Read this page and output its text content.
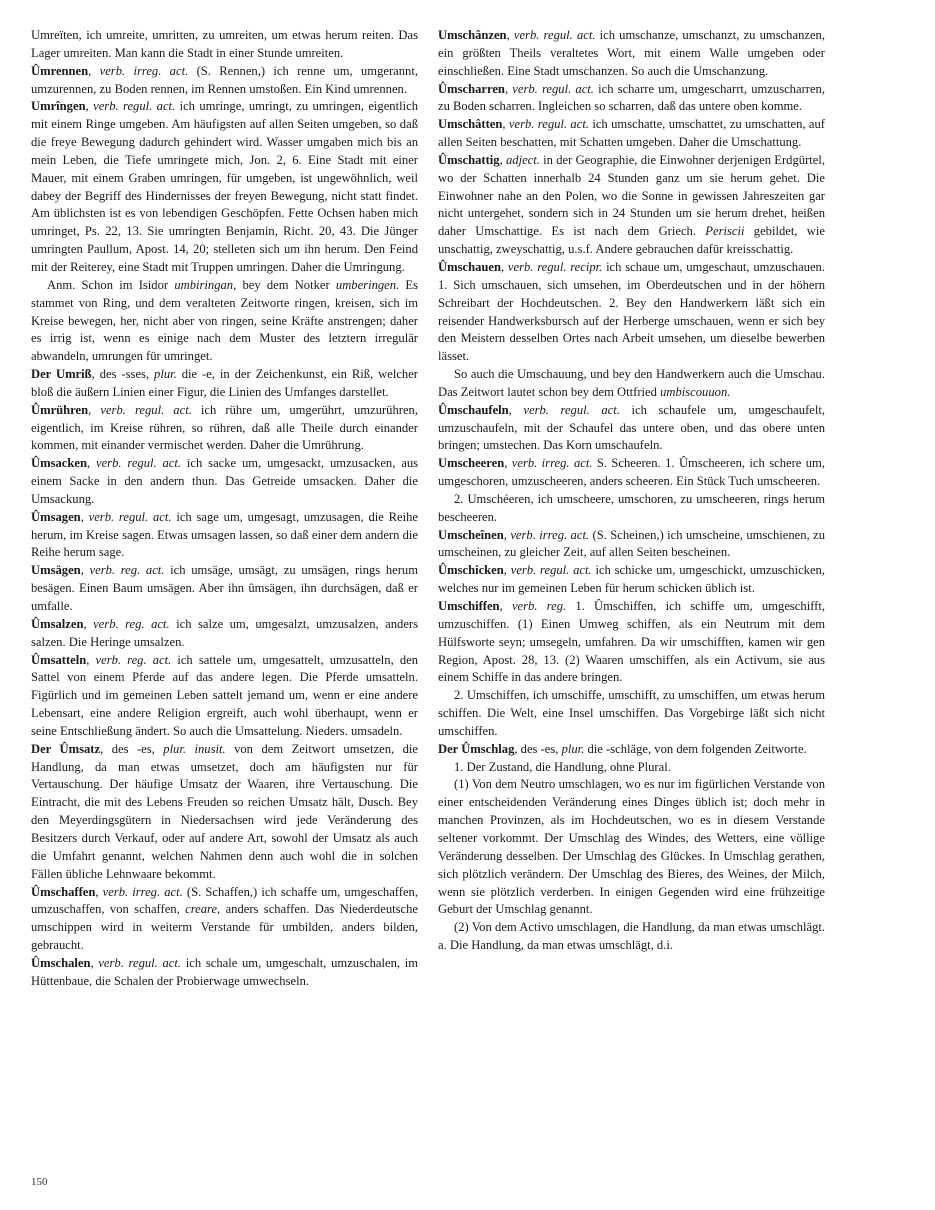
Umreïten, ich umreite, umritten, zu umreiten, um etwas herum reiten. Das Lager umreiten. Man kann die Stadt in einer Stunde umreiten.

Ûmrennen, verb. irreg. act. (S. Rennen,) ich renne um, umgerannt, umzurennen, zu Boden rennen, im Rennen umstoßen. Ein Kind umrennen.

Umrîngen, verb. regul. act. ich umringe, umringt, zu umringen, eigentlich mit einem Ringe umgeben. Am häufigsten auf allen Seiten umgeben, so daß die freye Bewegung dadurch gehindert wird. Wasser umgaben mich bis an mein Leben, die Tiefe umringete mich, Jon. 2, 6. Eine Stadt mit einer Mauer, mit einem Graben umringen, für umgeben, ist ungewöhnlich, weil dabey der Begriff des Hindernisses der freyen Bewegung, nicht statt findet. Am üblichsten ist es von lebendigen Geschöpfen. Fette Ochsen haben mich umringet, Ps. 22, 13. Sie umringten Benjamin, Richt. 20, 43. Die Jünger umringten Paullum, Apost. 14, 20; stelleten sich um ihn herum. Den Feind mit der Reiterey, eine Stadt mit Truppen umringen. Daher die Umringung.

Anm. Schon im Isidor umbiringan, bey dem Notker umberingen. Es stammet von Ring, und dem veralteten Zeitworte ringen, kreisen, sich im Kreise bewegen, her, nicht aber von ringen, seine Kräfte anstrengen; daher es irrig ist, wenn es einige nach dem Muster des letztern irregulär abwandeln, umrungen für umringet.

Der Umriß, des -sses, plur. die -e, in der Zeichenkunst, ein Riß, welcher bloß die äußern Linien einer Figur, die Linien des Umfanges darstellet.

Ûmrühren, verb. regul. act. ich rühre um, umgerührt, umzurühren, eigentlich, im Kreise rühren, so rühren, daß alle Theile durch einander kommen, mit einander vermischet werden. Daher die Umrührung.

Ûmsacken, verb. regul. act. ich sacke um, umgesackt, umzusacken, aus einem Sacke in den andern thun. Das Getreide umsacken. Daher die Umsackung.

Ûmsagen, verb. regul. act. ich sage um, umgesagt, umzusagen, die Reihe herum, im Kreise sagen. Etwas umsagen lassen, so daß einer dem andern die Reihe herum sage.

Umsägen, verb. reg. act. ich umsäge, umsägt, zu umsägen, rings herum besägen. Einen Baum umsägen. Aber ihn ûmsägen, ihn durchsägen, daß er umfalle.

Ûmsalzen, verb. reg. act. ich salze um, umgesalzt, umzusalzen, anders salzen. Die Heringe umsalzen.

Ûmsatteln, verb. reg. act. ich sattele um, umgesattelt, umzusatteln, den Sattel von einem Pferde auf das andere legen. Die Pferde umsatteln. Figürlich und im gemeinen Leben sattelt jemand um, wenn er eine andere Lebensart, eine andere Religion ergreift, auch wohl überhaupt, wenn er seine Entschließung ändert. So auch die Umsattelung. Nieders. umsadeln.

Der Ûmsatz, des -es, plur. inusit. von dem Zeitwort umsetzen, die Handlung, da man etwas umsetzet, doch am häufigsten nur für Vertauschung. Der häufige Umsatz der Waaren, ihre Vertauschung. Die Eintracht, die mit des Lebens Freuden so reichen Umsatz hält, Dusch. Bey den Meyerdingsgütern in Niedersachsen wird jede Veränderung des Besitzers durch Verkauf, oder auf andere Art, sowohl der Umsatz als auch die Umfahrt genannt, welchen Nahmen denn auch wohl die in solchen Fällen übliche Lehnwaare bekommt.

Ûmschaffen, verb. irreg. act. (S. Schaffen,) ich schaffe um, umgeschaffen, umzuschaffen, von schaffen, creare, anders schaffen. Das Niederdeutsche umschippen wird in weiterm Verstande für umbilden, anders bilden, gebraucht.

Ûmschalen, verb. regul. act. ich schale um, umgeschalt, umzuschalen, im Hüttenbaue, die Schalen der Probierwage umwechseln.

Umschânzen, verb. regul. act. ich umschanze, umschanzt, zu umschanzen, ein größten Theils veraltetes Wort, mit einem Walle umgeben oder einschließen. Eine Stadt umschanzen. So auch die Umschanzung.

Ûmscharren, verb. regul. act. ich scharre um, umgescharrt, umzuscharren, zu Boden scharren. Ingleichen so scharren, daß das untere oben komme.

Umschâtten, verb. regul. act. ich umschatte, umschattet, zu umschatten, auf allen Seiten beschatten, mit Schatten umgeben. Daher die Umschattung.

Ûmschattig, adject. in der Geographie, die Einwohner derjenigen Erdgürtel, wo der Schatten innerhalb 24 Stunden ganz um sie herum gehet. Die Einwohner nahe an den Polen, wo die Sonne in gewissen Jahreszeiten gar nicht untergehet, sondern sich in 24 Stunden um sie herum drehet, heißen daher Umschattige. Es ist nach dem Griech. Periscii gebildet, wie unschattig, zweyschattig, u.s.f. Andere gebrauchen dafür kreisschattig.

Ûmschauen, verb. regul. recipr. ich schaue um, umgeschaut, umzuschauen. 1. Sich umschauen, sich umsehen, im Oberdeutschen und in der höhern Schreibart der Hochdeutschen. 2. Bey den Handwerkern läßt sich ein reisender Handwerksbursch auf der Herberge umschauen, wenn er sich bey den Meistern desselben Ortes nach Arbeit umsehen, um dieselbe bewerben lässet.

So auch die Umschauung, und bey den Handwerkern auch die Umschau. Das Zeitwort lautet schon bey dem Ottfried umbiscouuon.

Ûmschaufeln, verb. regul. act. ich schaufele um, umgeschaufelt, umzuschaufeln, mit der Schaufel das untere oben, und das obere unten bringen; umstechen. Das Korn umschaufeln.

Umscheeren, verb. irreg. act. S. Scheeren. 1. Ûmscheeren, ich schere um, umgeschoren, umzuscheeren, anders scheeren. Ein Stück Tuch umscheeren.

2. Umschéeren, ich umscheere, umschoren, zu umscheeren, rings herum bescheeren.

Umscheînen, verb. irreg. act. (S. Scheinen,) ich umscheine, umschienen, zu umscheinen, zu gleicher Zeit, auf allen Seiten bescheinen.

Ûmschicken, verb. regul. act. ich schicke um, umgeschickt, umzuschicken, welches nur im gemeinen Leben für herum schicken üblich ist.

Umschiffen, verb. reg. 1. Ûmschiffen, ich schiffe um, umgeschifft, umzuschiffen. (1) Einen Umweg schiffen, als ein Neutrum mit dem Hülfsworte seyn; umsegeln, umfahren. Da wir umschifften, kamen wir gen Region, Apost. 28, 13. (2) Waaren umschiffen, als ein Activum, sie aus einem Schiffe in das andere bringen.

2. Umschiffen, ich umschiffe, umschifft, zu umschiffen, um etwas herum schiffen. Die Welt, eine Insel umschiffen. Das Vorgebirge läßt sich nicht umschiffen.

Der Ûmschlag, des -es, plur. die -schläge, von dem folgenden Zeitworte.

1. Der Zustand, die Handlung, ohne Plural.

(1) Von dem Neutro umschlagen, wo es nur im figürlichen Verstande von einer entscheidenden Veränderung eines Dinges üblich ist; doch mehr in manchen Provinzen, als im Hochdeutschen, wo es in diesem Verstande seltener vorkommt. Der Umschlag des Windes, des Wetters, eine völlige Veränderung desselben. Der Umschlag des Glückes. In Umschlag gerathen, sich plötzlich verändern. Der Umschlag des Bieres, des Weines, der Milch, wenn sie plötzlich verderben. In einigen Gegenden wird eine frühzeitige Geburt der Umschlag genannt.

(2) Von dem Activo umschlagen, die Handlung, da man etwas umschlägt. a. Die Handlung, da man etwas umschlägt, d.i.

150
